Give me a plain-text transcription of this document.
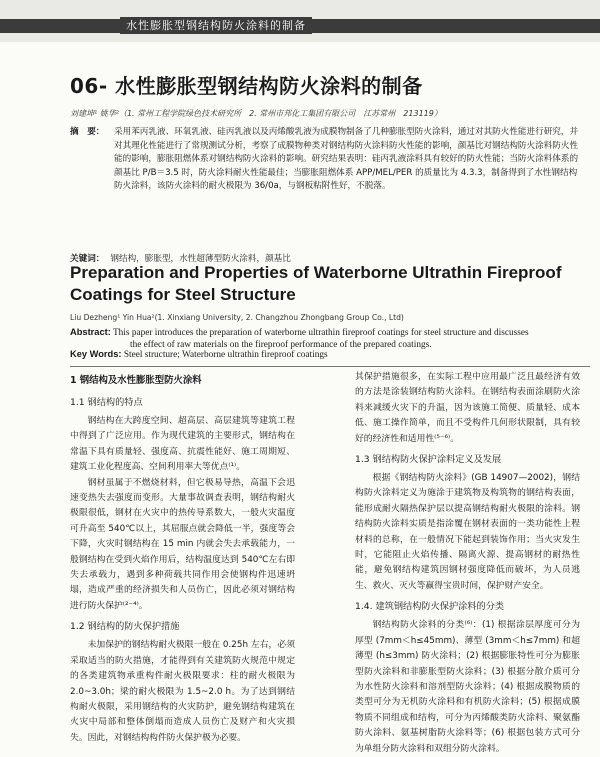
水性膨胀型钢结构防火涂料的制备
06- 水性膨胀型钢结构防火涂料的制备
刘建坤¹ 姚华²（1. 常州工程学院绿色技术研究所　2. 常州市邦化工集团有限公司　江苏常州　213119）
摘　要： 采用苯丙乳液、环氧乳液、硅丙乳液以及丙烯酸乳液为成膜物制备了几种膨胀型防火涂料，通过对其防火性能进行研究，并对其理化性能进行了常规测试分析，考察了成膜物种类对钢结构防火涂料防火性能的影响，颜基比对钢结构防火涂料防火性能的影响，膨胀阻燃体系对钢结构防火涂料的影响。研究结果表明：硅丙乳液涂料具有较好的防火性能；当防火涂料体系的颜基比 P/B＝3.5 时，防火涂料耐火性能最佳；当膨胀阻燃体系 APP/MEL/PER 的质量比为 4.3.3，制备得到了水性钢结构防火涂料，该防火涂料的耐火极限为 36/0a，与钢板粘附性好，不脱落。
关键词： 钢结构，膨胀型，水性超薄型防火涂料，颜基比
Preparation and Properties of Waterborne Ultrathin Fireproof Coatings for Steel Structure
Liu Dezheng¹ Yin Hua²(1. Xinxiang University, 2. Changzhou Zhongbang Group Co., Ltd)
Abstract: This paper introduces the preparation of waterborne ultrathin fireproof coatings for steel structure and discusses
the effect of raw materials on the fireproof performance of the prepared coatings.
Key Words: Steel structure; Waterborne ultrathin fireproof coatings
1 钢结构及水性膨胀型防火涂料
1.1 钢结构的特点

钢结构在大跨度空间、超高层、高层建筑等建筑工程中得到了广泛应用。作为现代建筑的主要形式，钢结构在常温下具有质量轻、强度高、抗震性能好、施工周期短、建筑工业化程度高、空间利用率大等优点⁽¹⁾。

钢材虽属于不燃烧材料，但它极易导热，高温下会迅速变热失去强度而变形。大量事故调查表明，钢结构耐火极限很低，钢材在火灾中的热传导系数大，一般火灾温度可升高至 540℃以上，其屈服点就会降低一半，强度等会下降，火灾时钢结构在 15 min 内就会失去承载能力，一般钢结构在受到火焰作用后，结构温度达到 540℃左右即失去承载力，遇到多种荷载共同作用会使钢构件迅速坍塌，造成严重的经济损失和人员伤亡，因此必须对钢结构进行防火保护⁽²⁻⁴⁾。

1.2 钢结构的防火保护措施

未加保护的钢结构耐火极限一般在 0.25h 左右，必须采取适当的防火措施，才能得到有关建筑防火规范中规定的各类建筑物承重构件耐火极限要求：柱的耐火极限为 2.0~3.0h；梁的耐火极限为 1.5~2.0 h。为了达到钢结构耐火极限，采用钢结构的火灾防护，避免钢结构建筑在火灾中局部和整体倒塌而造成人员伤亡及财产和火灾损失。因此，对钢结构构件防火保护极为必要。

其保护措施很多，在实际工程中应用最广泛且最经济有效的方法是涂装钢结构防火涂料。在钢结构表面涂刷防火涂料来减缓火灾下的升温，因为该施工简便、质量轻、成本低、施工操作简单，而且不受构件几何形状限制，具有较好的经济性和适用性⁽⁵⁻⁶⁾。

1.3 钢结构防火保护涂料定义及发展

根据《钢结构防火涂料》(GB 14907—2002)，钢结构防火涂料定义为施涂于建筑物及构筑物的钢结构表面，能形成耐火隔热保护层以提高钢结构耐火极限的涂料。钢结构防火涂料实质是指涂覆在钢材表面的一类功能性上程材料的总称，在一般情况下能起到装饰作用；当火灾发生时，它能阻止火焰传播、隔离火源、提高钢材的耐热性能，避免钢结构建筑因钢材强度降低而破坏，为人员逃生、救火、灭火等赢得宝贵时间，保护财产安全。

1.4. 建筑钢结构防火保护涂料的分类

钢结构防火涂料的分类⁽⁶⁾：(1) 根据涂层厚度可分为厚型 (7mm＜h≤45mm)、薄型 (3mm＜h≤7mm) 和超薄型 (h≤3mm) 防火涂料；(2) 根据膨胀特性可分为膨胀型防火涂料和非膨胀型防火涂料；(3) 根据分散介质可分为水性防火涂料和溶剂型防火涂料；(4) 根据成膜物质的类型可分为无机防火涂料和有机防火涂料；(5) 根据成膜物质不同组成和结构，可分为丙烯酸类防火涂料、聚氨酯防火涂料、氨基树脂防火涂料等；(6) 根据包装方式可分为单组分防火涂料和双组分防火涂料。
